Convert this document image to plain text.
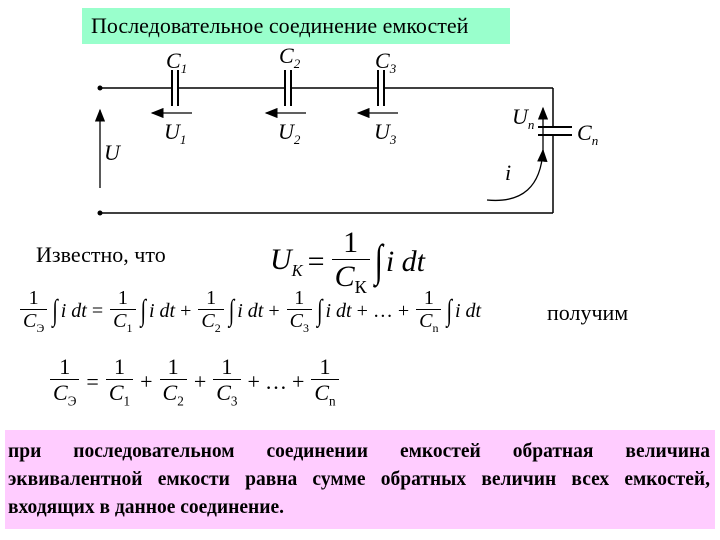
Последовательное соединение емкостей
$C_1$
$C_2$	$C_3$
$C_n$
$U_1$	$U_2$	$U_3$
$U_n$
U
i
Известно, что	$U_К = \frac{1}{C_К}$ ∫ i dt
$\frac{1}{C_Э}$ ∫ i dt = $\frac{1}{C_1}$ ∫ i dt + $\frac{1}{C_2}$ ∫ i dt + $\frac{1}{C_3}$ ∫ i dt + … + $\frac{1}{C_n}$ ∫ i dt	получим
$\frac{1}{C_Э} = \frac{1}{C_1} + \frac{1}{C_2} + \frac{1}{C_3}$ + … + $\frac{1}{C_n}$
при последовательном соединении емкостей обратная величина эквивалентной емкости равна сумме обратных величин всех емкостей, входящих в данное соединение.
